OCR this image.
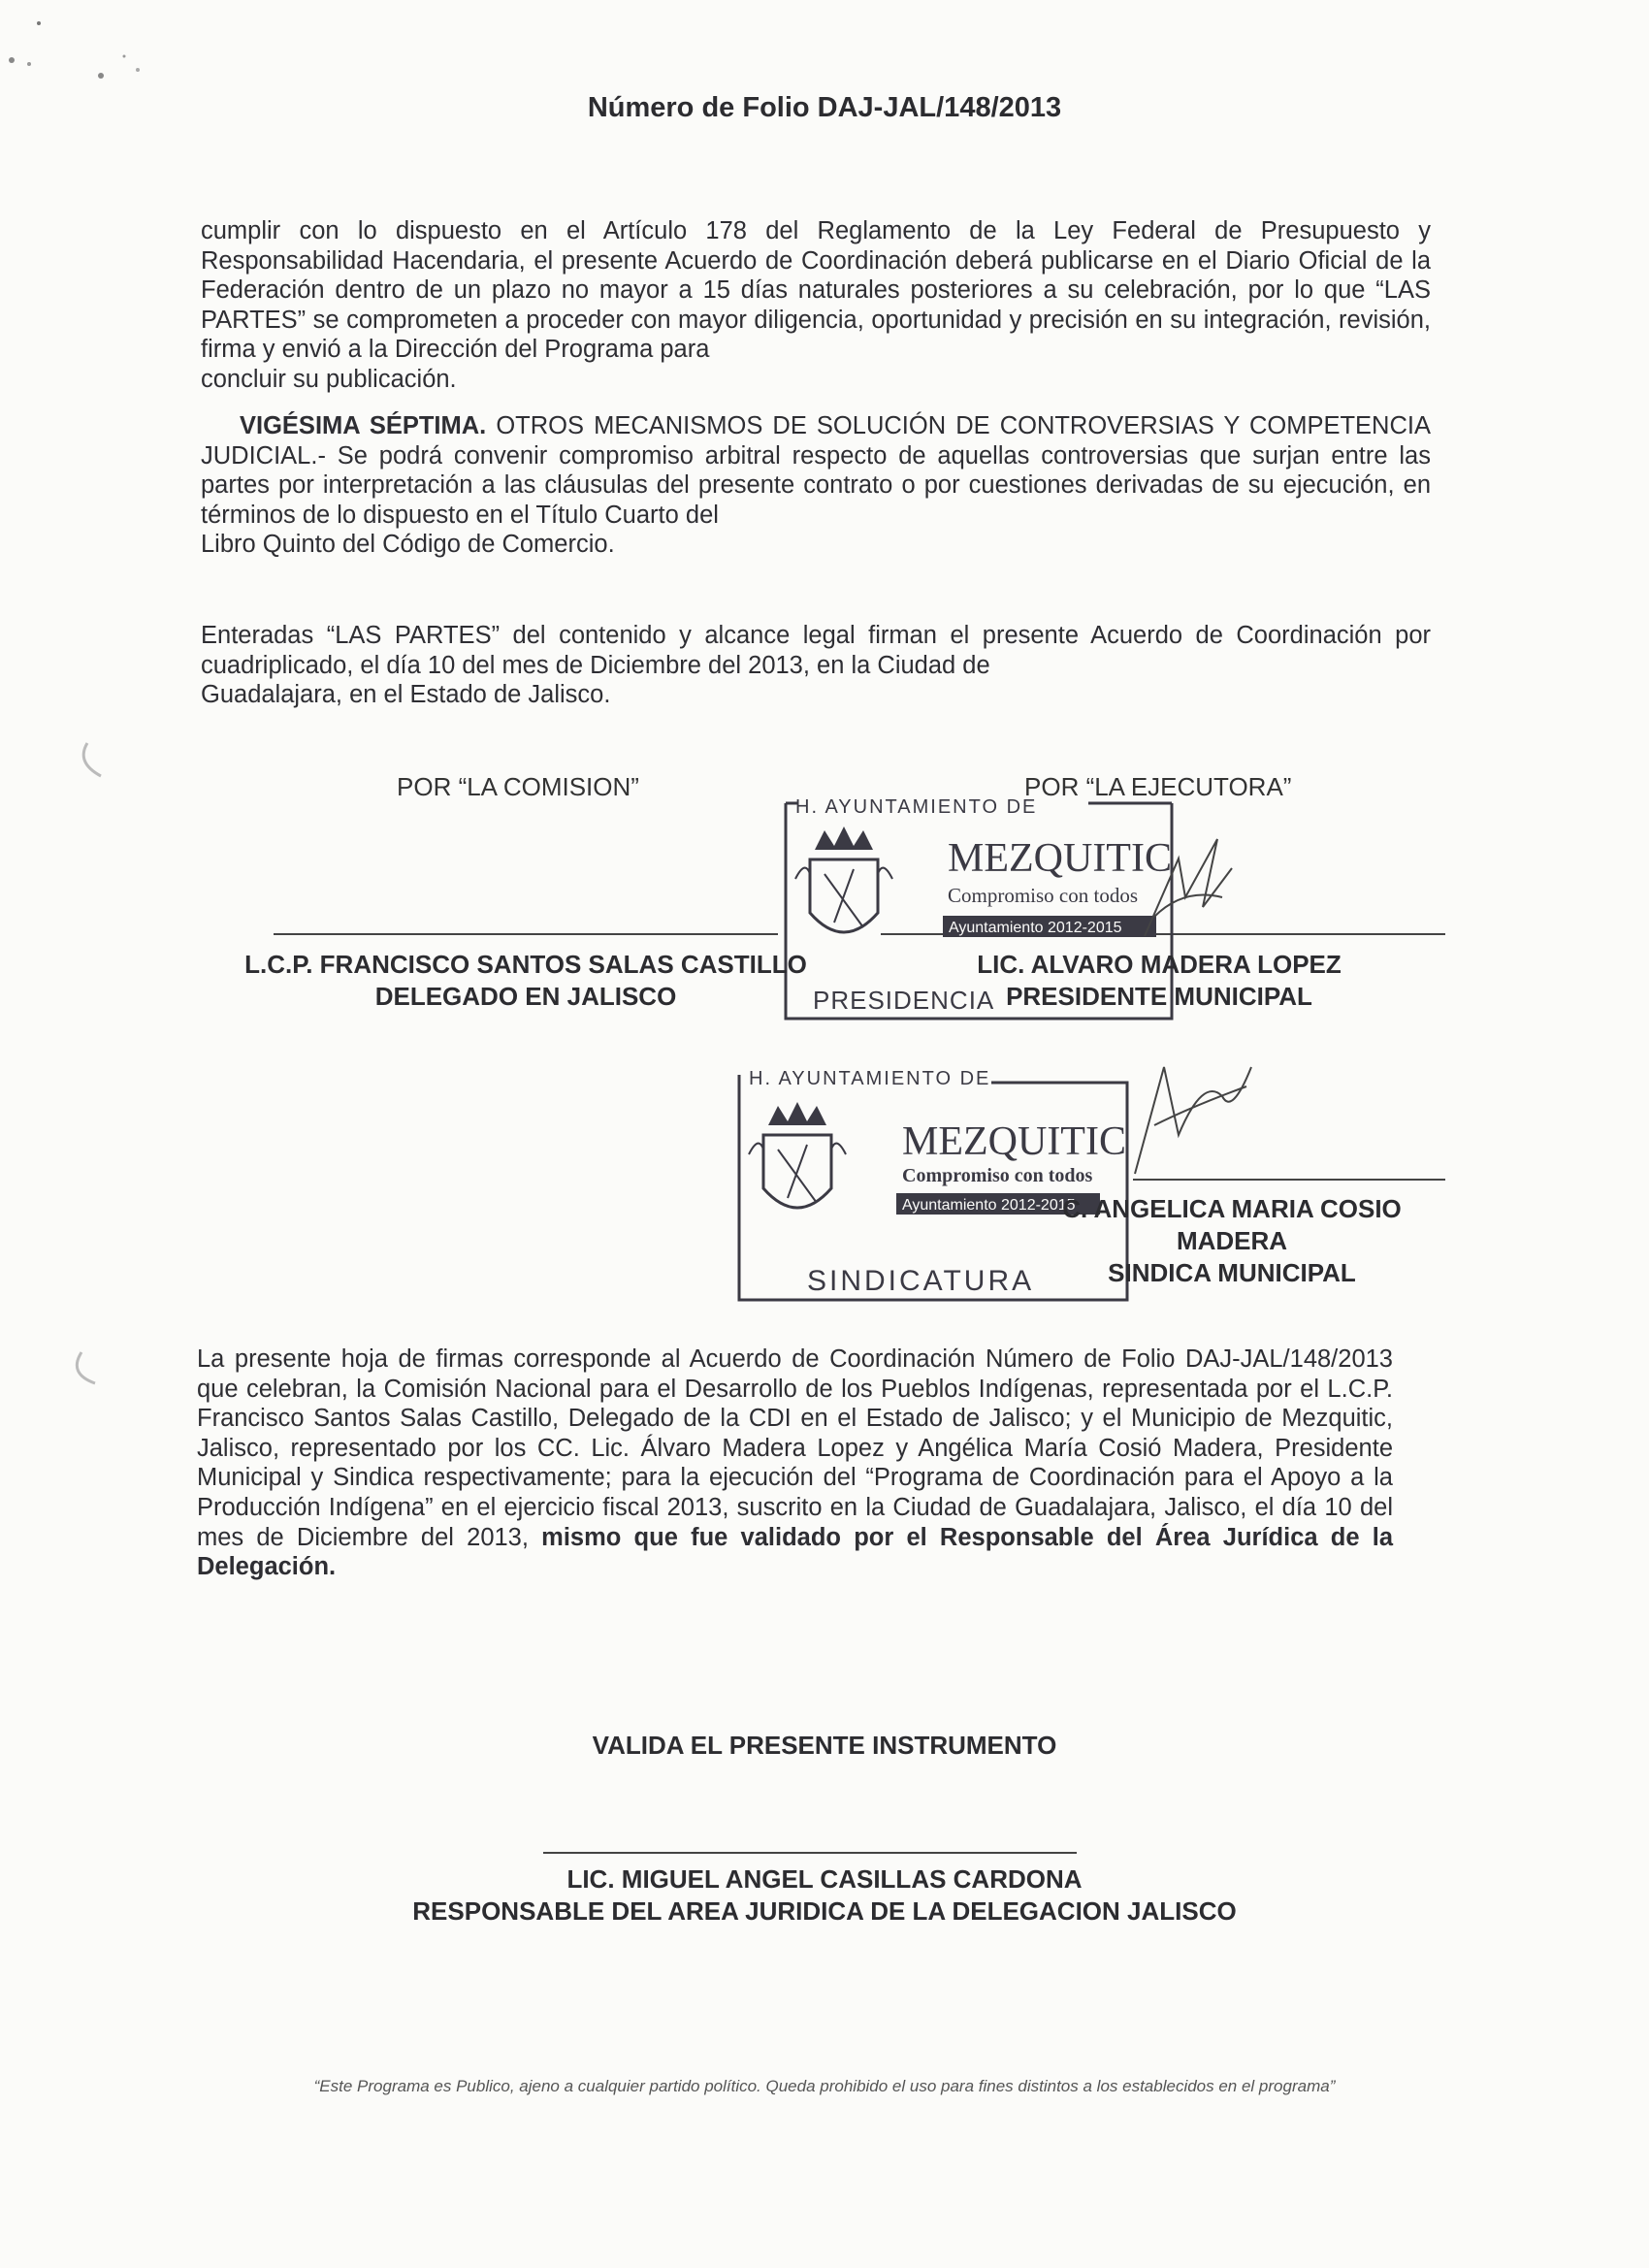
Número de Folio DAJ-JAL/148/2013
cumplir con lo dispuesto en el Artículo 178 del Reglamento de la Ley Federal de Presupuesto y Responsabilidad Hacendaria, el presente Acuerdo de Coordinación deberá publicarse en el Diario Oficial de la Federación dentro de un plazo no mayor a 15 días naturales posteriores a su celebración, por lo que “LAS PARTES” se comprometen a proceder con mayor diligencia, oportunidad y precisión en su integración, revisión, firma y envió a la Dirección del Programa para
concluir su publicación.
VIGÉSIMA SÉPTIMA. OTROS MECANISMOS DE SOLUCIÓN DE CONTROVERSIAS Y COMPETENCIA JUDICIAL.- Se podrá convenir compromiso arbitral respecto de aquellas controversias que surjan entre las partes por interpretación a las cláusulas del presente contrato o por cuestiones derivadas de su ejecución, en términos de lo dispuesto en el Título Cuarto del
Libro Quinto del Código de Comercio.
Enteradas “LAS PARTES” del contenido y alcance legal firman el presente Acuerdo de Coordinación por cuadriplicado, el día 10 del mes de Diciembre del 2013, en la Ciudad de
Guadalajara, en el Estado de Jalisco.
POR “LA COMISION”	POR “LA EJECUTORA”
H. AYUNTAMIENTO DE
MEZQUITIC
Compromiso con todos
Ayuntamiento 2012-2015
PRESIDENCIA
L.C.P. FRANCISCO SANTOS SALAS CASTILLO
DELEGADO EN JALISCO
LIC. ALVARO MADERA LOPEZ
PRESIDENTE MUNICIPAL
H. AYUNTAMIENTO DE
MEZQUITIC
Compromiso con todos
Ayuntamiento 2012-2015
SINDICATURA
C. ANGELICA MARIA COSIO MADERA
SINDICA MUNICIPAL
La presente hoja de firmas corresponde al Acuerdo de Coordinación Número de Folio DAJ-JAL/148/2013 que celebran, la Comisión Nacional para el Desarrollo de los Pueblos Indígenas, representada por el L.C.P. Francisco Santos Salas Castillo, Delegado de la CDI en el Estado de Jalisco; y el Municipio de Mezquitic, Jalisco, representado por los CC. Lic. Álvaro Madera Lopez y Angélica María Cosió Madera, Presidente Municipal y Sindica respectivamente; para la ejecución del “Programa de Coordinación para el Apoyo a la Producción Indígena” en el ejercicio fiscal 2013, suscrito en la Ciudad de Guadalajara, Jalisco, el día 10 del mes de Diciembre del 2013, mismo que fue validado por el Responsable del Área Jurídica de la Delegación.
VALIDA EL PRESENTE INSTRUMENTO
LIC. MIGUEL ANGEL CASILLAS CARDONA
RESPONSABLE DEL AREA JURIDICA DE LA DELEGACION JALISCO
“Este Programa es Publico, ajeno a cualquier partido político. Queda prohibido el uso para fines distintos a los establecidos en el programa”
